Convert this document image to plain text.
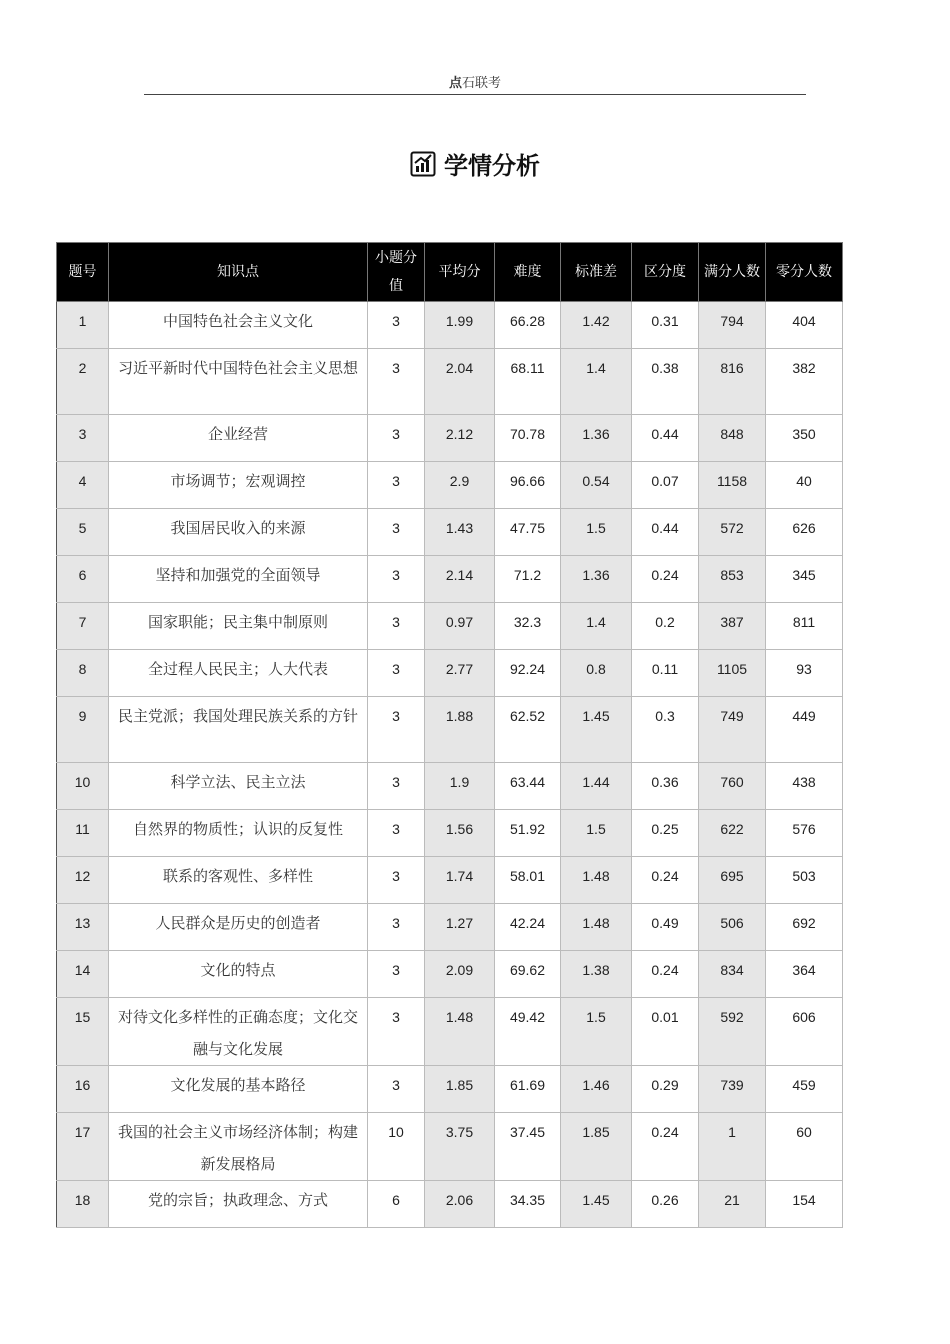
点石联考
学情分析
题号	知识点	小题分值	平均分	难度	标准差	区分度	满分人数	零分人数
1	中国特色社会主义文化	3	1.99	66.28	1.42	0.31	794	404
2	习近平新时代中国特色社会主义思想	3	2.04	68.11	1.4	0.38	816	382
3	企业经营	3	2.12	70.78	1.36	0.44	848	350
4	市场调节；宏观调控	3	2.9	96.66	0.54	0.07	1158	40
5	我国居民收入的来源	3	1.43	47.75	1.5	0.44	572	626
6	坚持和加强党的全面领导	3	2.14	71.2	1.36	0.24	853	345
7	国家职能；民主集中制原则	3	0.97	32.3	1.4	0.2	387	811
8	全过程人民民主；人大代表	3	2.77	92.24	0.8	0.11	1105	93
9	民主党派；我国处理民族关系的方针	3	1.88	62.52	1.45	0.3	749	449
10	科学立法、民主立法	3	1.9	63.44	1.44	0.36	760	438
11	自然界的物质性；认识的反复性	3	1.56	51.92	1.5	0.25	622	576
12	联系的客观性、多样性	3	1.74	58.01	1.48	0.24	695	503
13	人民群众是历史的创造者	3	1.27	42.24	1.48	0.49	506	692
14	文化的特点	3	2.09	69.62	1.38	0.24	834	364
15	对待文化多样性的正确态度；文化交融与文化发展	3	1.48	49.42	1.5	0.01	592	606
16	文化发展的基本路径	3	1.85	61.69	1.46	0.29	739	459
17	我国的社会主义市场经济体制；构建新发展格局	10	3.75	37.45	1.85	0.24	1	60
18	党的宗旨；执政理念、方式	6	2.06	34.35	1.45	0.26	21	154
